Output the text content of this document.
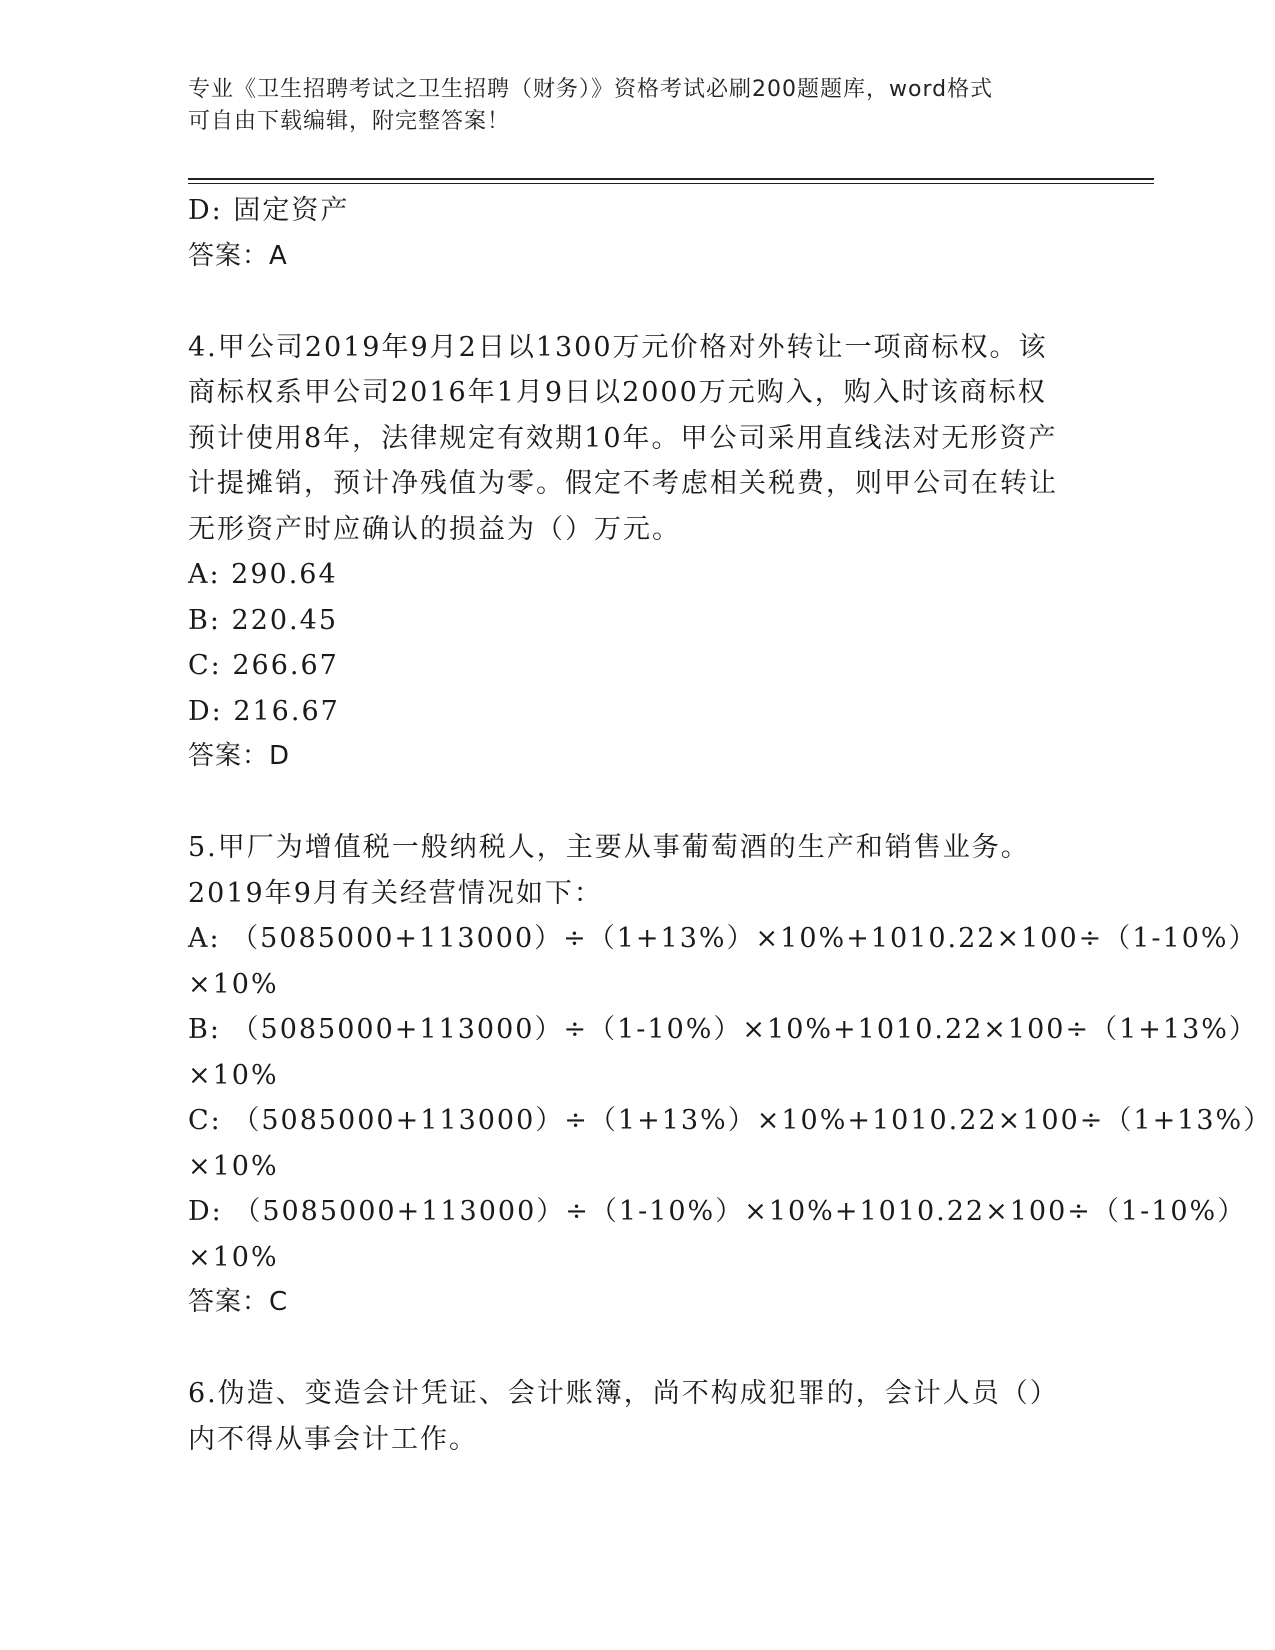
专业《卫生招聘考试之卫生招聘（财务）》资格考试必刷200题题库，word格式
可自由下载编辑，附完整答案！
D: 固定资产
答案：A
4.甲公司2019年9月2日以1300万元价格对外转让一项商标权。该
商标权系甲公司2016年1月9日以2000万元购入，购入时该商标权
预计使用8年，法律规定有效期10年。甲公司采用直线法对无形资产
计提摊销，预计净残值为零。假定不考虑相关税费，则甲公司在转让
无形资产时应确认的损益为（）万元。
A: 290.64
B: 220.45
C: 266.67
D: 216.67
答案：D
5.甲厂为增值税一般纳税人，主要从事葡萄酒的生产和销售业务。
2019年9月有关经营情况如下：
A: （5085000+113000）÷（1+13%）×10%+1010.22×100÷（1-10%）
×10%
B: （5085000+113000）÷（1-10%）×10%+1010.22×100÷（1+13%）
×10%
C: （5085000+113000）÷（1+13%）×10%+1010.22×100÷（1+13%）
×10%
D: （5085000+113000）÷（1-10%）×10%+1010.22×100÷（1-10%）
×10%
答案：C
6.伪造、变造会计凭证、会计账簿，尚不构成犯罪的，会计人员（）
内不得从事会计工作。
